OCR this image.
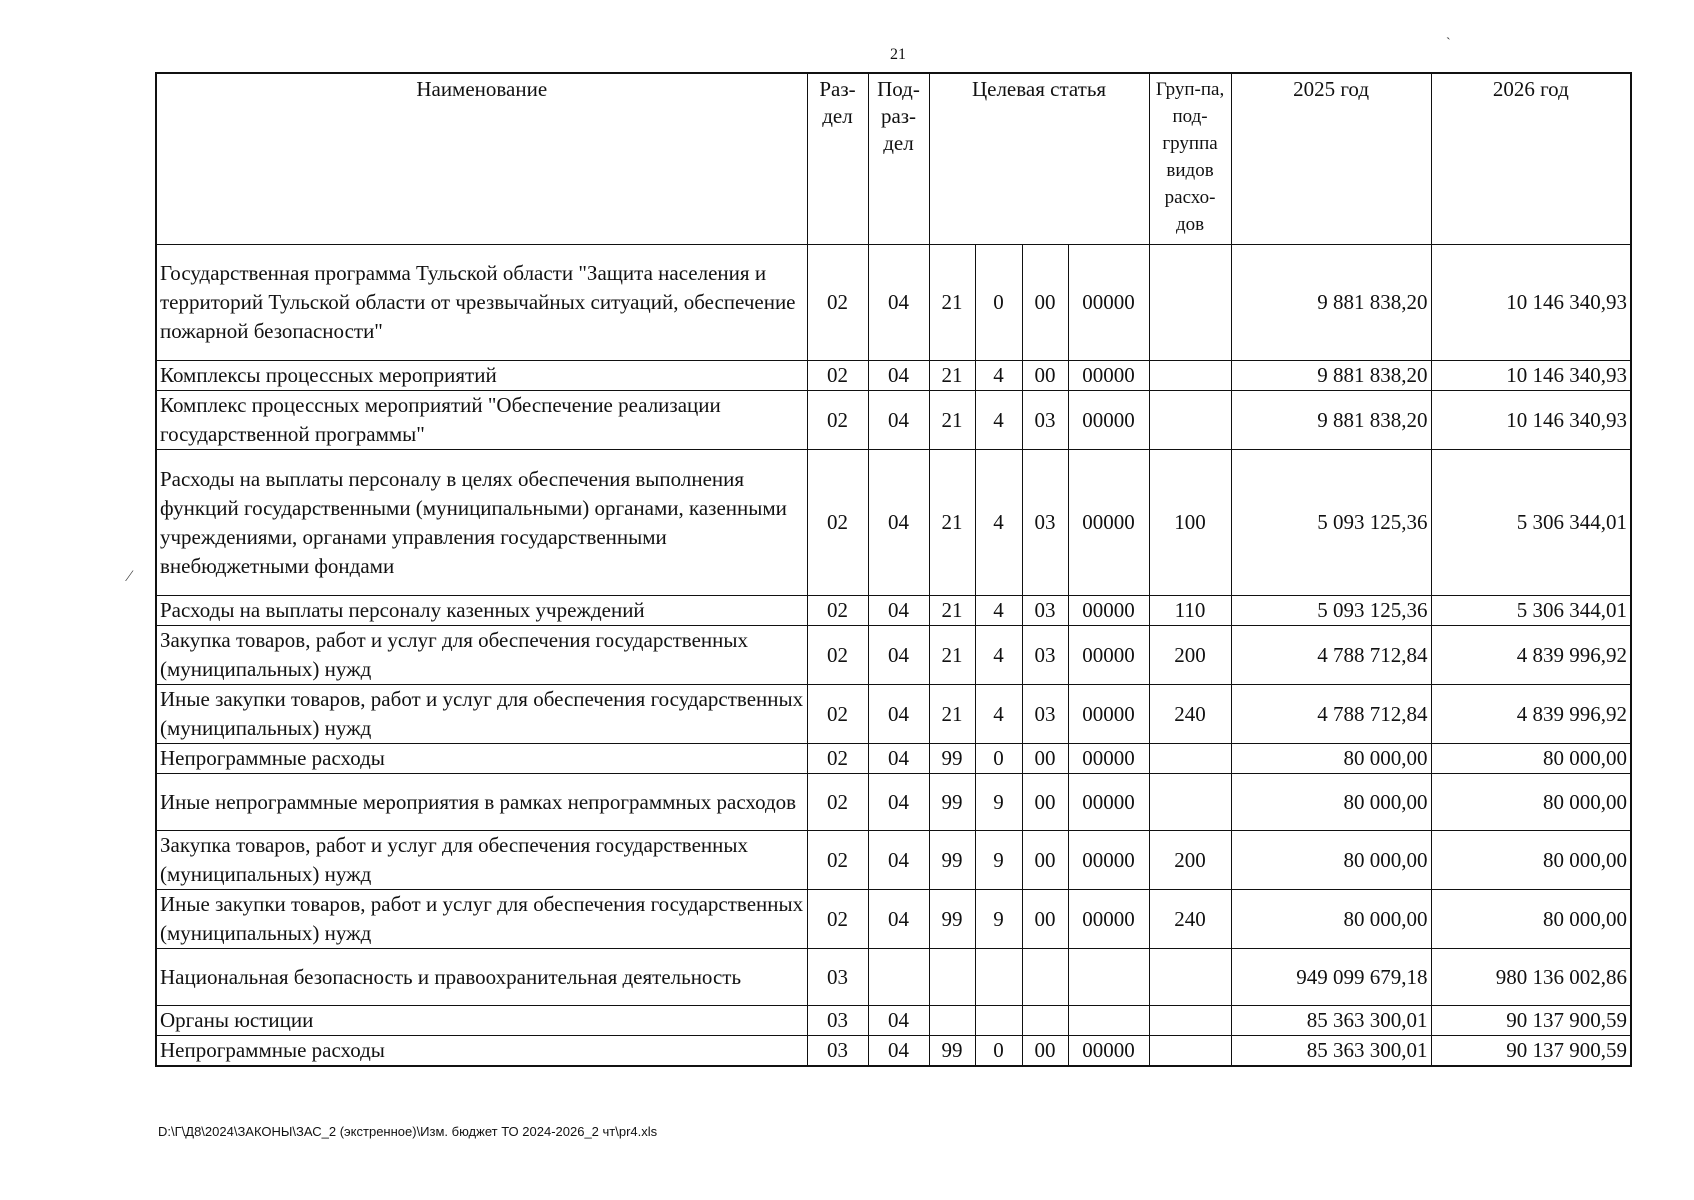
21
`
⁄
Наименование	Раз-дел	Под-раз-дел	Целевая статья				Груп-па, под-группа видов расхо-дов	2025 год	2026 год
Государственная программа Тульской области "Защита населения и территорий Тульской области от чрезвычайных ситуаций, обеспечение пожарной безопасности"	02	04	21	0	00	00000		9 881 838,20	10 146 340,93
Комплексы процессных мероприятий	02	04	21	4	00	00000		9 881 838,20	10 146 340,93
Комплекс процессных мероприятий "Обеспечение реализации государственной программы"	02	04	21	4	03	00000		9 881 838,20	10 146 340,93
Расходы на выплаты персоналу в целях обеспечения выполнения функций государственными (муниципальными) органами, казенными учреждениями, органами управления государственными внебюджетными фондами	02	04	21	4	03	00000	100	5 093 125,36	5 306 344,01
Расходы на выплаты персоналу казенных учреждений	02	04	21	4	03	00000	110	5 093 125,36	5 306 344,01
Закупка товаров, работ и услуг для обеспечения государственных (муниципальных) нужд	02	04	21	4	03	00000	200	4 788 712,84	4 839 996,92
Иные закупки товаров, работ и услуг для обеспечения государственных (муниципальных) нужд	02	04	21	4	03	00000	240	4 788 712,84	4 839 996,92
Непрограммные расходы	02	04	99	0	00	00000		80 000,00	80 000,00
Иные непрограммные мероприятия в рамках непрограммных расходов	02	04	99	9	00	00000		80 000,00	80 000,00
Закупка товаров, работ и услуг для обеспечения государственных (муниципальных) нужд	02	04	99	9	00	00000	200	80 000,00	80 000,00
Иные закупки товаров, работ и услуг для обеспечения государственных (муниципальных) нужд	02	04	99	9	00	00000	240	80 000,00	80 000,00
Национальная безопасность и правоохранительная деятельность	03							949 099 679,18	980 136 002,86
Органы юстиции	03	04						85 363 300,01	90 137 900,59
Непрограммные расходы	03	04	99	0	00	00000		85 363 300,01	90 137 900,59
D:\Г\Д8\2024\ЗАКОНЫ\ЗАС_2 (экстренное)\Изм. бюджет ТО 2024-2026_2 чт\pr4.xls
